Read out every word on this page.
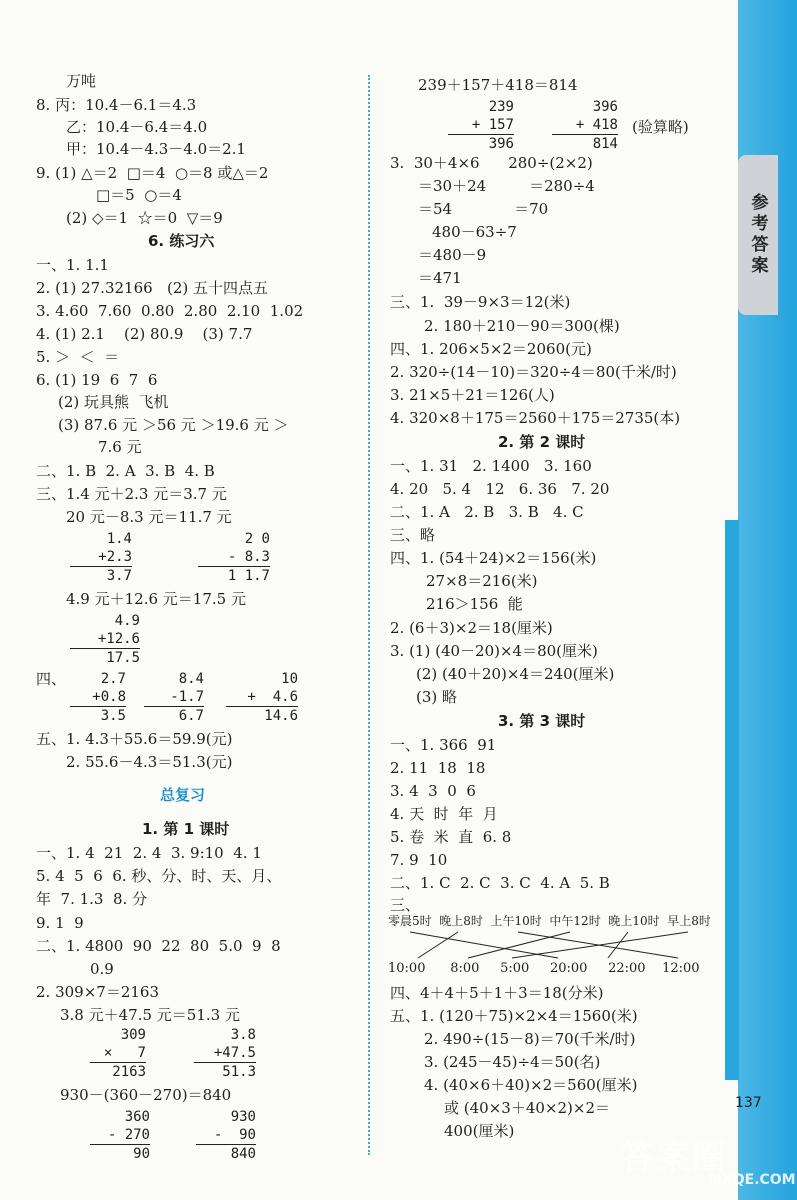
参考答案
137
答案圈
MXQE.COM
万吨
8. 丙：10.4－6.1＝4.3
乙：10.4－6.4＝4.0
甲：10.4－4.3－4.0＝2.1
9. (1) △＝2  □＝4  ○＝8 或△＝2
□＝5  ○＝4
(2) ◇＝1  ☆＝0  ▽＝9
6. 练习六
一、1. 1.1
2. (1) 27.32166   (2) 五十四点五
3. 4.60  7.60  0.80  2.80  2.10  1.02
4. (1) 2.1    (2) 80.9    (3) 7.7
5. ＞  ＜  ＝
6. (1) 19  6  7  6
(2) 玩具熊  飞机
(3) 87.6 元 ＞56 元 ＞19.6 元 ＞
7.6 元
二、1. B  2. A  3. B  4. B
三、1.4 元＋2.3 元＝3.7 元
20 元－8.3 元＝11.7 元
1.4
+2.3
3.7
2 0
- 8.3
1 1.7
4.9 元＋12.6 元＝17.5 元
4.9
+12.6
17.5
四、	2.7
+0.8
3.5
8.4
-1.7
6.7
10
+  4.6
14.6
五、1. 4.3＋55.6＝59.9(元)
2. 55.6－4.3＝51.3(元)
总复习
1. 第 1 课时
一、1. 4  21  2. 4  3. 9:10  4. 1
5. 4  5  6  6. 秒、分、时、天、月、
年  7. 1.3  8. 分
9. 1  9
二、1. 4800  90  22  80  5.0  9  8
0.9
2. 309×7＝2163
3.8 元＋47.5 元＝51.3 元
309
×   7
2163
3.8
+47.5
51.3
930－(360－270)＝840
360
- 270
90
930
-  90
840
239＋157＋418＝814
239
+ 157
396
396
+ 418
814
(验算略)
3.  30＋4×6      280÷(2×2)
＝30＋24         ＝280÷4
＝54             ＝70
480－63÷7
＝480－9
＝471
三、1.  39－9×3＝12(米)
2. 180＋210－90＝300(棵)
四、1. 206×5×2＝2060(元)
2. 320÷(14－10)＝320÷4＝80(千米/时)
3. 21×5＋21＝126(人)
4. 320×8＋175＝2560＋175＝2735(本)
2. 第 2 课时
一、1. 31   2. 1400   3. 160
4. 20   5. 4   12   6. 36   7. 20
二、1. A   2. B   3. B   4. C
三、略
四、1. (54＋24)×2＝156(米)
27×8＝216(米)
216＞156  能
2. (6＋3)×2＝18(厘米)
3. (1) (40－20)×4＝80(厘米)
(2) (40＋20)×4＝240(厘米)
(3) 略
3. 第 3 课时
一、1. 366  91
2. 11  18  18
3. 4  3  0  6
4. 天  时  年  月
5. 卷  米  直  6. 8
7. 9  10
二、1. C  2. C  3. C  4. A  5. B
三、
零晨5时  晚上8时  上午10时  中午12时  晚上10时  早上8时
10:00      8:00     5:00     20:00     22:00    12:00
四、4＋4＋5＋1＋3＝18(分米)
五、1. (120＋75)×2×4＝1560(米)
2. 490÷(15－8)＝70(千米/时)
3. (245－45)÷4＝50(名)
4. (40×6＋40)×2＝560(厘米)
或 (40×3＋40×2)×2＝
400(厘米)
